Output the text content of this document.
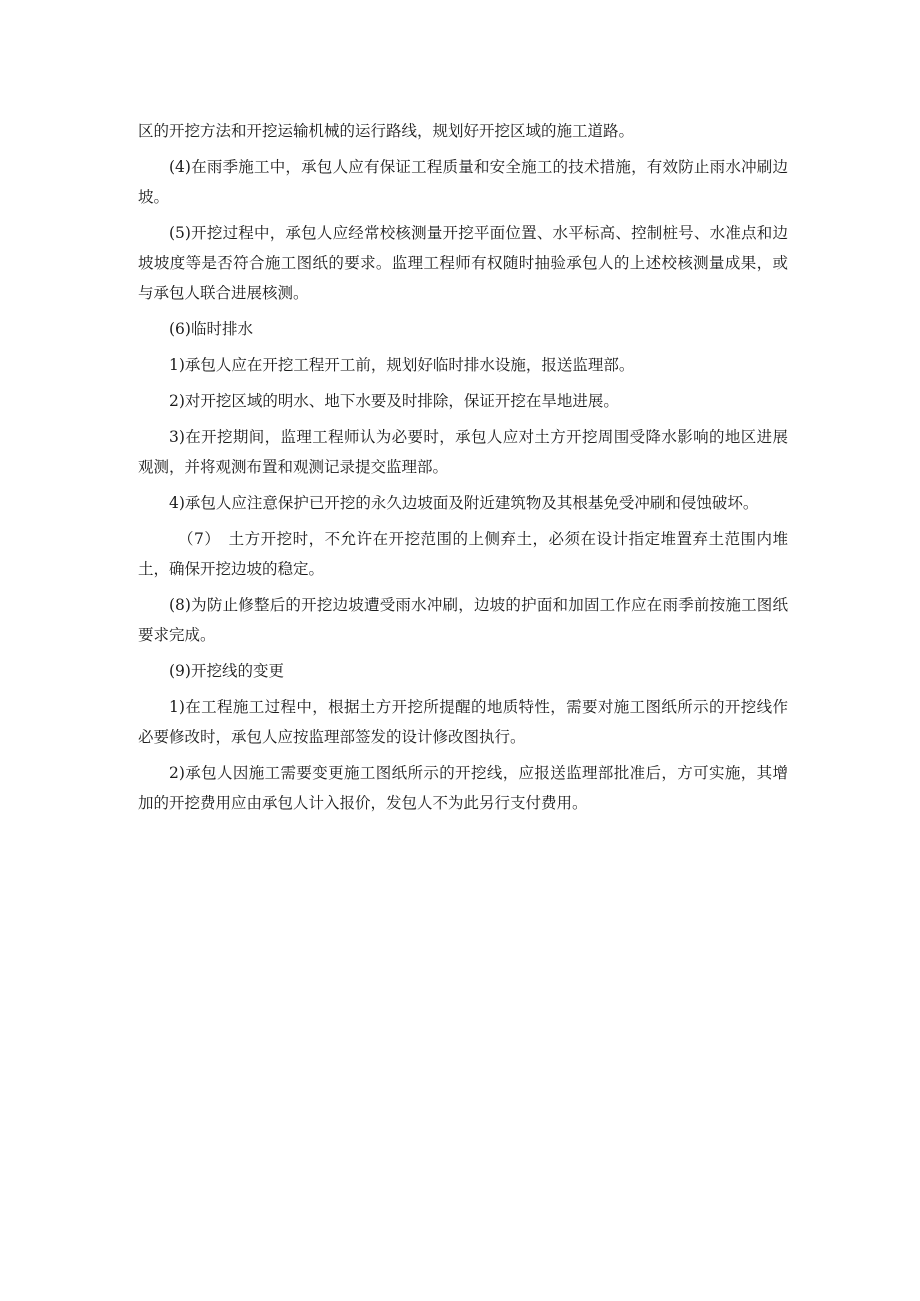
区的开挖方法和开挖运输机械的运行路线，规划好开挖区域的施工道路。

(4)在雨季施工中，承包人应有保证工程质量和安全施工的技术措施，有效防止雨水冲刷边坡。

(5)开挖过程中，承包人应经常校核测量开挖平面位置、水平标高、控制桩号、水准点和边坡坡度等是否符合施工图纸的要求。监理工程师有权随时抽验承包人的上述校核测量成果，或与承包人联合进展核测。

(6)临时排水

1)承包人应在开挖工程开工前，规划好临时排水设施，报送监理部。

2)对开挖区域的明水、地下水要及时排除，保证开挖在旱地进展。

3)在开挖期间，监理工程师认为必要时，承包人应对土方开挖周围受降水影响的地区进展观测，并将观测布置和观测记录提交监理部。

4)承包人应注意保护已开挖的永久边坡面及附近建筑物及其根基免受冲刷和侵蚀破坏。

（7）　土方开挖时，不允许在开挖范围的上侧弃土，必须在设计指定堆置弃土范围内堆土，确保开挖边坡的稳定。

(8)为防止修整后的开挖边坡遭受雨水冲刷，边坡的护面和加固工作应在雨季前按施工图纸要求完成。

(9)开挖线的变更

1)在工程施工过程中，根据土方开挖所提醒的地质特性，需要对施工图纸所示的开挖线作必要修改时，承包人应按监理部签发的设计修改图执行。

2)承包人因施工需要变更施工图纸所示的开挖线，应报送监理部批准后，方可实施，其增加的开挖费用应由承包人计入报价，发包人不为此另行支付费用。
